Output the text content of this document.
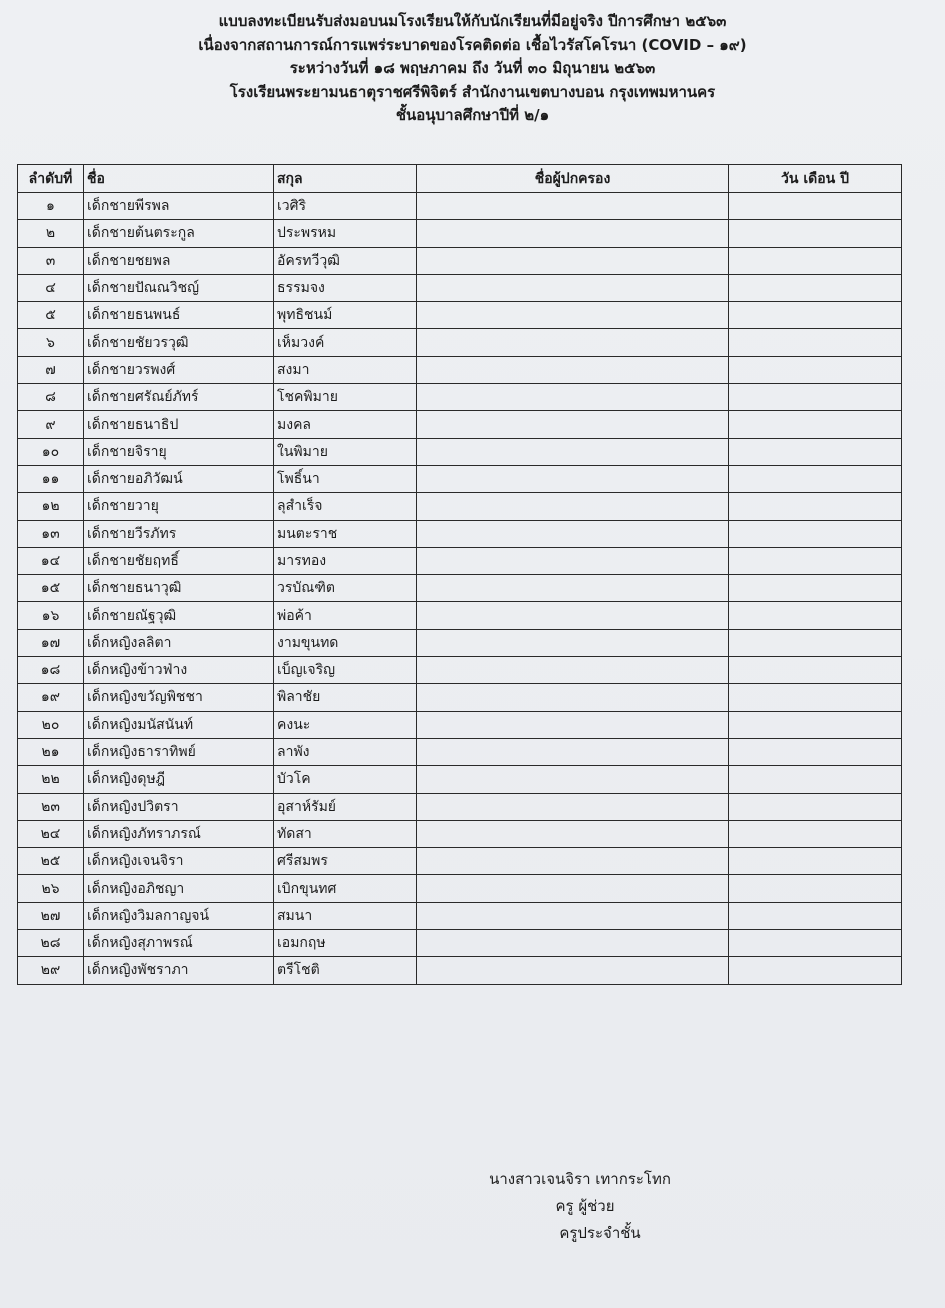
แบบลงทะเบียนรับส่งมอบนมโรงเรียนให้กับนักเรียนที่มีอยู่จริง ปีการศึกษา ๒๕๖๓
เนื่องจากสถานการณ์การแพร่ระบาดของโรคติดต่อ เชื้อไวรัสโคโรนา (COVID – ๑๙)
ระหว่างวันที่ ๑๘ พฤษภาคม ถึง วันที่ ๓๐ มิถุนายน ๒๕๖๓
โรงเรียนพระยามนธาตุราชศรีพิจิตร์ สำนักงานเขตบางบอน กรุงเทพมหานคร
ชั้นอนุบาลศึกษาปีที่ ๒/๑
ลำดับที่	ชื่อ	สกุล	ชื่อผู้ปกครอง	วัน เดือน ปี
๑	เด็กชายพีรพล	เวศิริ		
๒	เด็กชายต้นตระกูล	ประพรหม		
๓	เด็กชายชยพล	อัครทวีวุฒิ		
๔	เด็กชายปัณณวิชญ์	ธรรมจง		
๕	เด็กชายธนพนธ์	พุทธิชนม์		
๖	เด็กชายชัยวรวุฒิ	เห็มวงค์		
๗	เด็กชายวรพงศ์	สงมา		
๘	เด็กชายศรัณย์ภัทร์	โชคพิมาย		
๙	เด็กชายธนาธิป	มงคล		
๑๐	เด็กชายจิรายุ	ในพิมาย		
๑๑	เด็กชายอภิวัฒน์	โพธิ์นา		
๑๒	เด็กชายวายุ	ลุสำเร็จ		
๑๓	เด็กชายวีรภัทร	มนตะราช		
๑๔	เด็กชายชัยฤทธิ์	มารทอง		
๑๕	เด็กชายธนาวุฒิ	วรบัณฑิต		
๑๖	เด็กชายณัฐวุฒิ	พ่อค้า		
๑๗	เด็กหญิงลลิตา	งามขุนทด		
๑๘	เด็กหญิงข้าวฟ่าง	เบ็ญเจริญ		
๑๙	เด็กหญิงขวัญพิชชา	พิลาชัย		
๒๐	เด็กหญิงมนัสนันท์	คงนะ		
๒๑	เด็กหญิงธาราทิพย์	ลาพัง		
๒๒	เด็กหญิงดุษฎี	บัวโค		
๒๓	เด็กหญิงปวิตรา	อุสาห์รัมย์		
๒๔	เด็กหญิงภัทราภรณ์	ทัดสา		
๒๕	เด็กหญิงเจนจิรา	ศรีสมพร		
๒๖	เด็กหญิงอภิชญา	เบิกขุนทศ		
๒๗	เด็กหญิงวิมลกาญจน์	สมนา		
๒๘	เด็กหญิงสุภาพรณ์	เอมกฤษ		
๒๙	เด็กหญิงพัชราภา	ตรีโชติ		
นางสาวเจนจิรา เทากระโทก
ครู ผู้ช่วย
ครูประจำชั้น
